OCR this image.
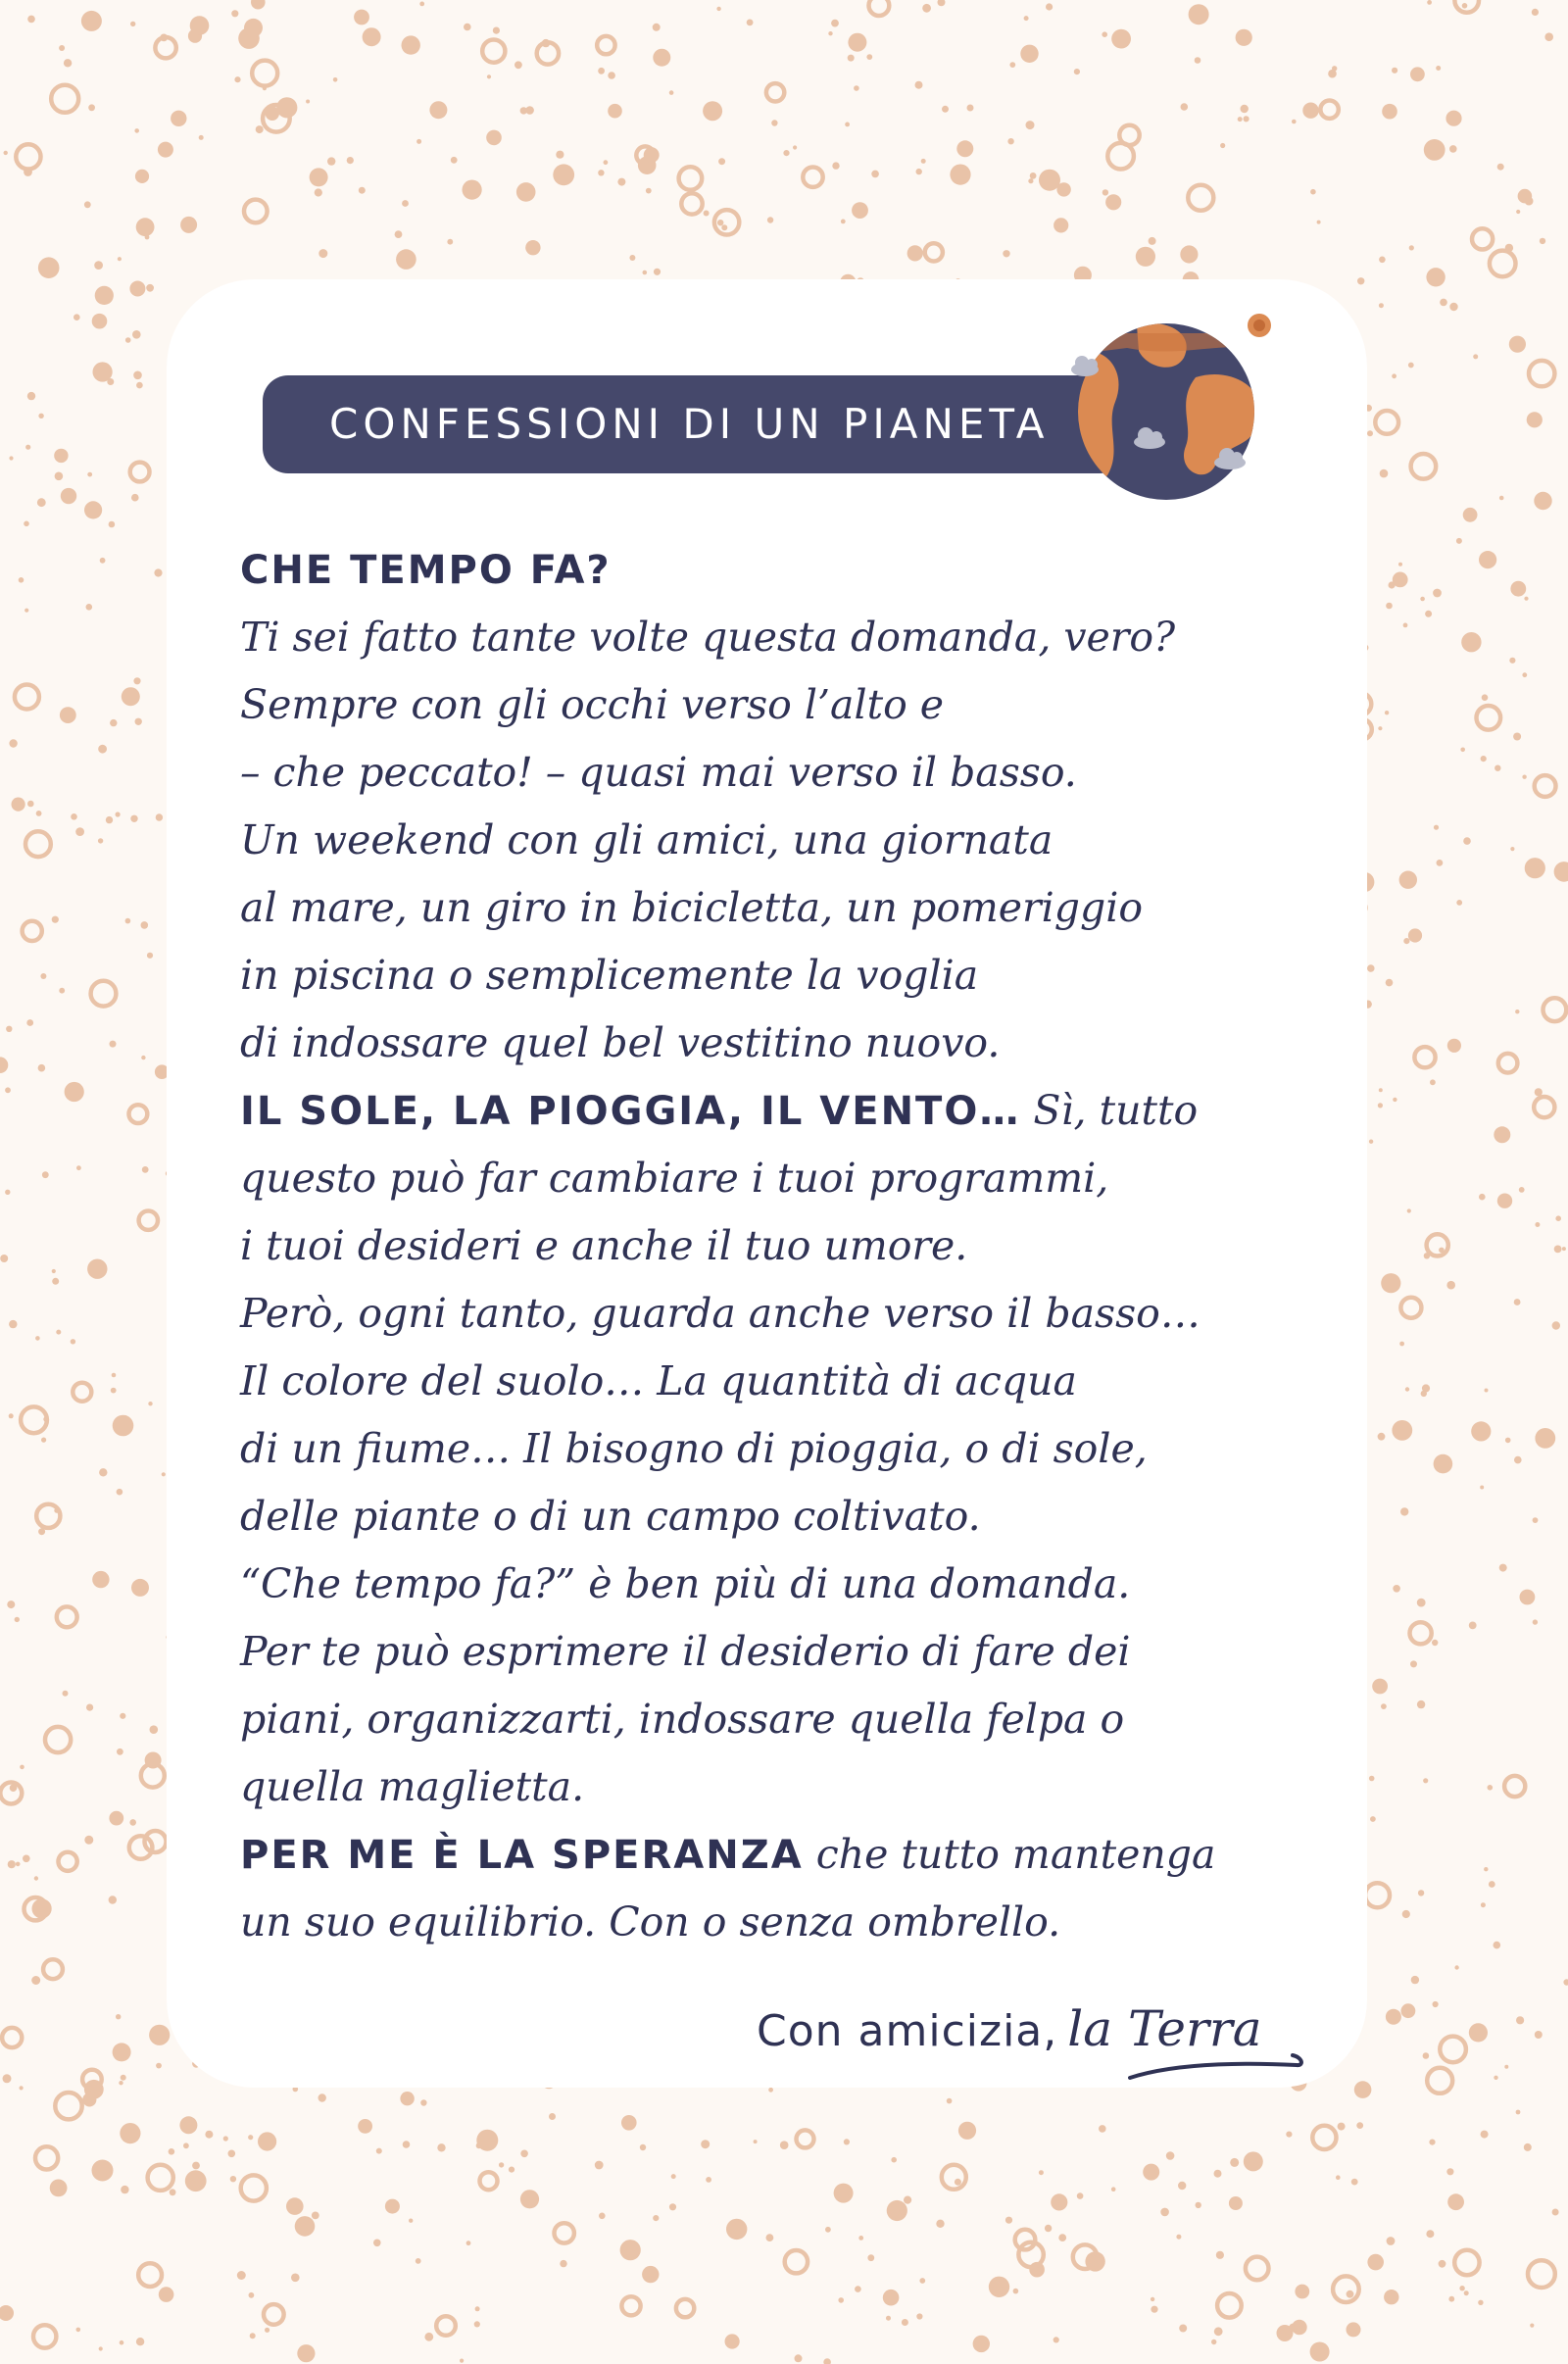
CONFESSIONI DI UN PIANETA
CHE TEMPO FA?
Ti sei fatto tante volte questa domanda, vero?
Sempre con gli occhi verso l’alto e
– che peccato! – quasi mai verso il basso.
Un weekend con gli amici, una giornata
al mare, un giro in bicicletta, un pomeriggio
in piscina o semplicemente la voglia
di indossare quel bel vestitino nuovo.
IL SOLE, LA PIOGGIA, IL VENTO… Sì, tutto
questo può far cambiare i tuoi programmi,
i tuoi desideri e anche il tuo umore.
Però, ogni tanto, guarda anche verso il basso…
Il colore del suolo… La quantità di acqua
di un fiume… Il bisogno di pioggia, o di sole,
delle piante o di un campo coltivato.
“Che tempo fa?” è ben più di una domanda.
Per te può esprimere il desiderio di fare dei
piani, organizzarti, indossare quella felpa o
quella maglietta.
PER ME È LA SPERANZA che tutto mantenga
un suo equilibrio. Con o senza ombrello.
Con amicizia, la Terra
